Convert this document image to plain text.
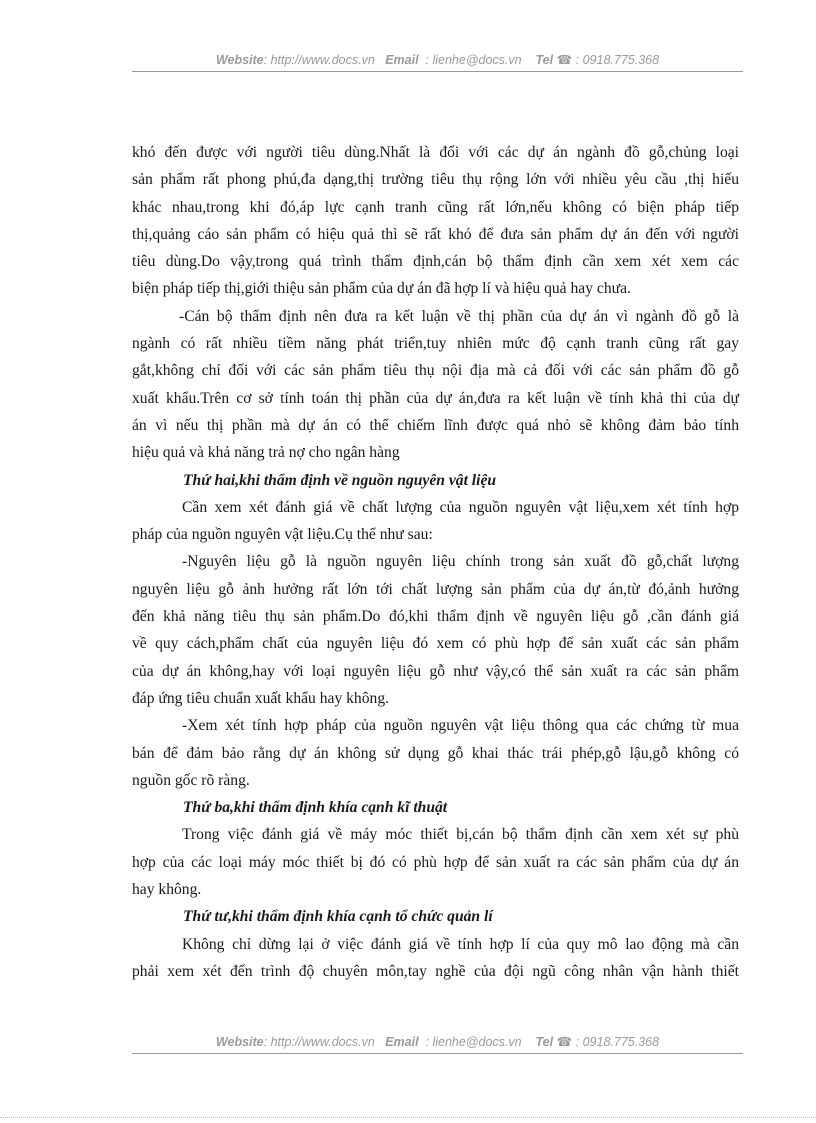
Website: http://www.docs.vn Email : lienhe@docs.vn Tel ☎ : 0918.775.368
khó đến được với người tiêu dùng.Nhất là đối với các dự án ngành đồ gỗ,chủng loại
sản phẩm rất phong phú,đa dạng,thị trường tiêu thụ rộng lớn với nhiều yêu cầu ,thị hiếu
khác nhau,trong khi đó,áp lực cạnh tranh cũng rất lớn,nếu không có biện pháp tiếp
thị,quảng cáo sản phẩm có hiệu quả thì sẽ rất khó để đưa sản phẩm dự án đến với người
tiêu dùng.Do vậy,trong quá trình thẩm định,cán bộ thẩm định cần xem xét xem các
biện pháp tiếp thị,giới thiệu sản phẩm của dự án đã hợp lí và hiệu quả hay chưa.
-Cán bộ thẩm định nên đưa ra kết luận về thị phần của dự án vì ngành đồ gỗ là
ngành có rất nhiều tiềm năng phát triển,tuy nhiên mức độ cạnh tranh cũng rất gay
gắt,không chỉ đối với các sản phẩm tiêu thụ nội địa mà cả đối với các sản phẩm đồ gỗ
xuất khẩu.Trên cơ sở tính toán thị phần của dự án,đưa ra kết luận về tính khả thi của dự
án vì nếu thị phần mà dự án có thể chiếm lĩnh được quá nhỏ sẽ không đảm bảo tính
hiệu quả và khả năng trả nợ cho ngân hàng
Thứ hai,khi thẩm định về nguồn nguyên vật liệu
Cần xem xét đánh giá về chất lượng của nguồn nguyên vật liệu,xem xét tính hợp
pháp của nguồn nguyên vật liệu.Cụ thể như sau:
-Nguyên liệu gỗ là nguồn nguyên liệu chính trong sản xuất đồ gỗ,chất lượng
nguyên liệu gỗ ảnh hưởng rất lớn tới chất lượng sản phẩm của dự án,từ đó,ảnh hưởng
đến khả năng tiêu thụ sản phẩm.Do đó,khi thẩm định về nguyên liệu gỗ ,cần đánh giá
về quy cách,phẩm chất của nguyên liệu đó xem có phù hợp để sản xuất các sản phẩm
của dự án không,hay với loại nguyên liệu gỗ như vậy,có thể sản xuất ra các sản phẩm
đáp ứng tiêu chuẩn xuất khẩu hay không.
-Xem xét tính hợp pháp của nguồn nguyên vật liệu thông qua các chứng từ mua
bán để đảm bảo rằng dự án không sử dụng gỗ khai thác trái phép,gỗ lậu,gỗ không có
nguồn gốc rõ ràng.
Thứ ba,khi thẩm định khía cạnh kĩ thuật
Trong việc đánh giá về máy móc thiết bị,cán bộ thẩm định cần xem xét sự phù
hợp của các loại máy móc thiết bị đó có phù hợp để sản xuất ra các sản phẩm của dự án
hay không.
Thứ tư,khi thẩm định khía cạnh tổ chức quản lí
Không chỉ dừng lại ở việc đánh giá về tính hợp lí của quy mô lao động mà cần
phải xem xét đến trình độ chuyên môn,tay nghề của đội ngũ công nhân vận hành thiết
Website: http://www.docs.vn Email : lienhe@docs.vn Tel ☎ : 0918.775.368
